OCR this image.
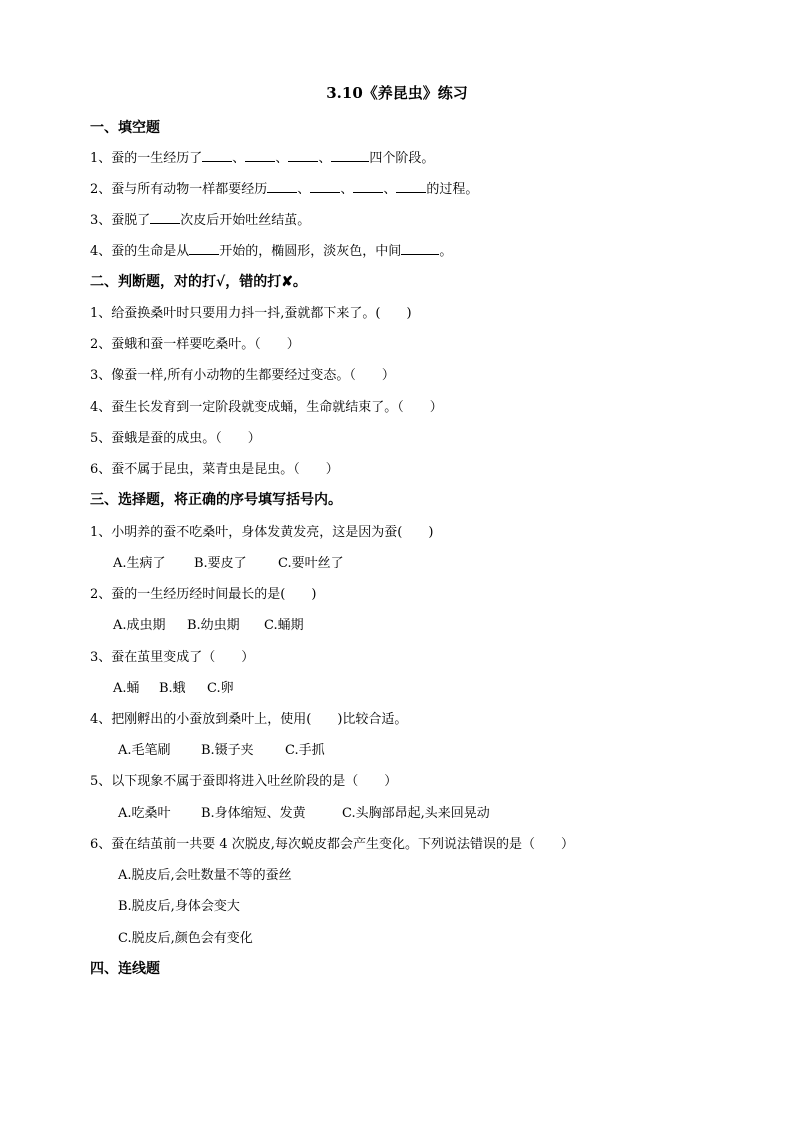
3.10《养昆虫》练习
一、填空题
1、蚕的一生经历了 、 、 、	四个阶段。
2、蚕与所有动物一样都要经历 、 、 、 的过程。
3、蚕脱了 次皮后开始吐丝结茧。
4、蚕的生命是从 开始的，椭圆形，淡灰色，中间	。
二、判断题，对的打√，错的打✘。
1、给蚕换桑叶时只要用力抖一抖,蚕就都下来了。(　　)
2、蚕蛾和蚕一样要吃桑叶。（　　）
3、像蚕一样,所有小动物的生都要经过变态。（　　）
4、蚕生长发育到一定阶段就变成蛹，生命就结束了。（　　）
5、蚕蛾是蚕的成虫。（　　）
6、蚕不属于昆虫，菜青虫是昆虫。（　　）
三、选择题，将正确的序号填写括号内。
1、小明养的蚕不吃桑叶，身体发黄发亮，这是因为蚕(　　)
A.生病了 B.要皮了 C.要叶丝了
2、蚕的一生经历经时间最长的是(　　)
A.成虫期 B.幼虫期 C.蛹期
3、蚕在茧里变成了（　　）
A.蛹 B.蛾 C.卵
4、把刚孵出的小蚕放到桑叶上，使用(　　)比较合适。
A.毛笔刷 B.镊子夹 C.手抓
5、以下现象不属于蚕即将进入吐丝阶段的是（　　）
A.吃桑叶 B.身体缩短、发黄	C.头胸部昂起,头来回晃动
6、蚕在结茧前一共要 4 次脱皮,每次蜕皮都会产生变化。下列说法错误的是（　　）
A.脱皮后,会吐数量不等的蚕丝
B.脱皮后,身体会变大
C.脱皮后,颜色会有变化
四、连线题
